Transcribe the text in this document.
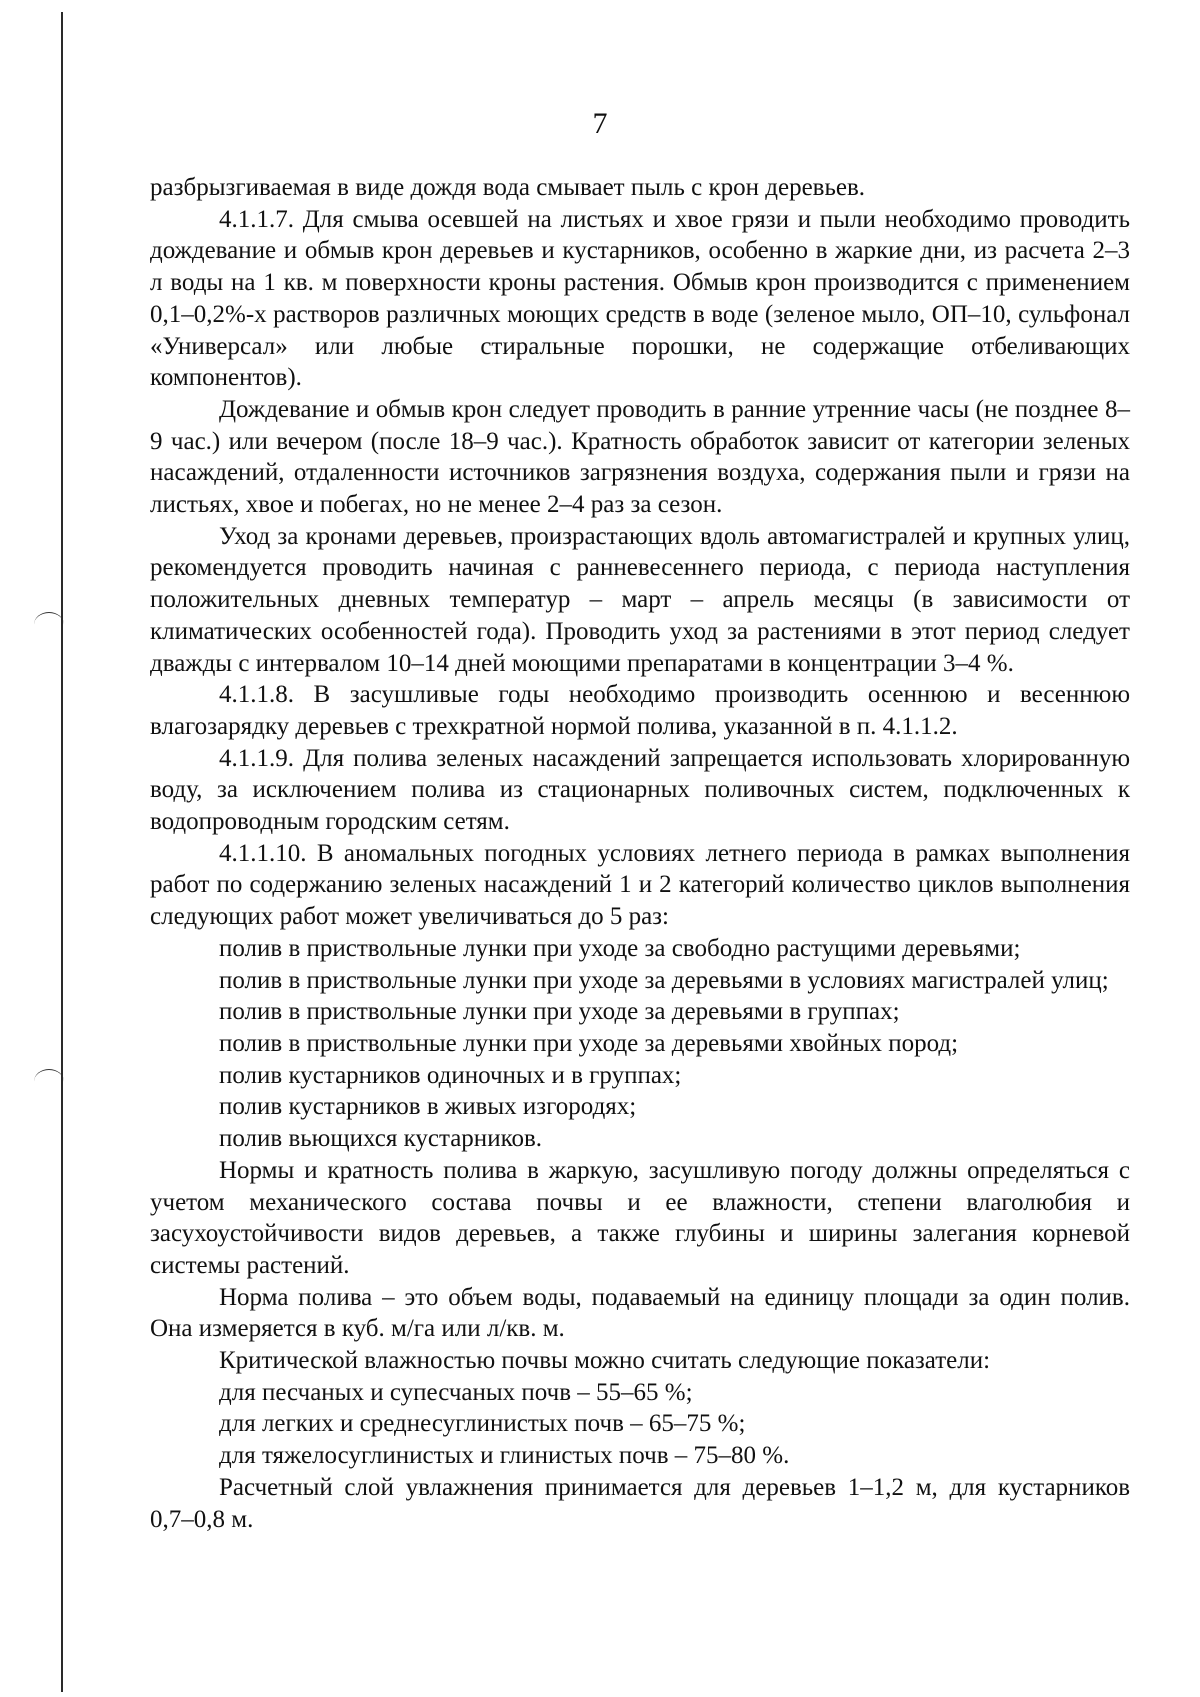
7

разбрызгиваемая в виде дождя вода смывает пыль с крон деревьев.

4.1.1.7. Для смыва осевшей на листьях и хвое грязи и пыли необходимо проводить дождевание и обмыв крон деревьев и кустарников, особенно в жаркие дни, из расчета 2–3 л воды на 1 кв. м поверхности кроны растения. Обмыв крон производится с применением 0,1–0,2%-х растворов различных моющих средств в воде (зеленое мыло, ОП–10, сульфонал «Универсал» или любые стиральные порошки, не содержащие отбеливающих компонентов).

Дождевание и обмыв крон следует проводить в ранние утренние часы (не позднее 8–9 час.) или вечером (после 18–9 час.). Кратность обработок зависит от категории зеленых насаждений, отдаленности источников загрязнения воздуха, содержания пыли и грязи на листьях, хвое и побегах, но не менее 2–4 раз за сезон.

Уход за кронами деревьев, произрастающих вдоль автомагистралей и крупных улиц, рекомендуется проводить начиная с ранневесеннего периода, с периода наступления положительных дневных температур – март – апрель месяцы (в зависимости от климатических особенностей года). Проводить уход за растениями в этот период следует дважды с интервалом 10–14 дней моющими препаратами в концентрации 3–4 %.

4.1.1.8. В засушливые годы необходимо производить осеннюю и весеннюю влагозарядку деревьев с трехкратной нормой полива, указанной в п. 4.1.1.2.

4.1.1.9. Для полива зеленых насаждений запрещается использовать хлорированную воду, за исключением полива из стационарных поливочных систем, подключенных к водопроводным городским сетям.

4.1.1.10. В аномальных погодных условиях летнего периода в рамках выполнения работ по содержанию зеленых насаждений 1 и 2 категорий количество циклов выполнения следующих работ может увеличиваться до 5 раз:

полив в приствольные лунки при уходе за свободно растущими деревьями;

полив в приствольные лунки при уходе за деревьями в условиях магистралей улиц;

полив в приствольные лунки при уходе за деревьями в группах;

полив в приствольные лунки при уходе за деревьями хвойных пород;

полив кустарников одиночных и в группах;

полив кустарников в живых изгородях;

полив вьющихся кустарников.

Нормы и кратность полива в жаркую, засушливую погоду должны определяться с учетом механического состава почвы и ее влажности, степени влаголюбия и засухоустойчивости видов деревьев, а также глубины и ширины залегания корневой системы растений.

Норма полива – это объем воды, подаваемый на единицу площади за один полив. Она измеряется в куб. м/га или л/кв. м.

Критической влажностью почвы можно считать следующие показатели:

для песчаных и супесчаных почв – 55–65 %;

для легких и среднесуглинистых почв – 65–75 %;

для тяжелосуглинистых и глинистых почв – 75–80 %.

Расчетный слой увлажнения принимается для деревьев 1–1,2 м, для кустарников 0,7–0,8 м.
